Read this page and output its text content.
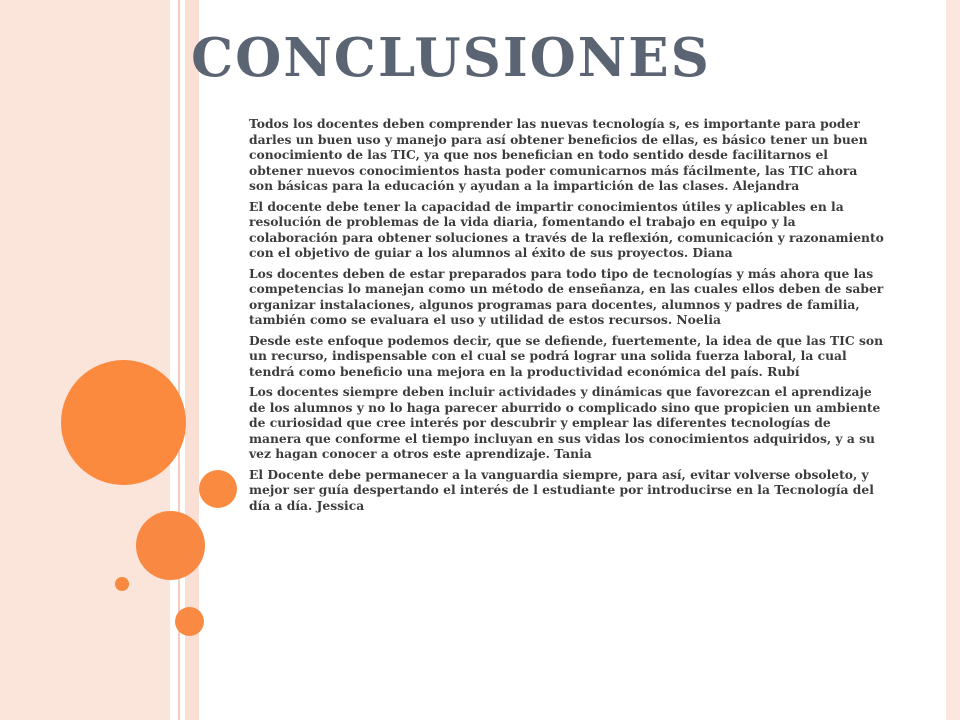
CONCLUSIONES

Todos los docentes deben comprender las nuevas tecnología s, es importante para poder darles un buen uso y manejo para así obtener beneficios de ellas, es básico tener un buen conocimiento de las TIC, ya que nos benefician en todo sentido desde facilitarnos el obtener nuevos conocimientos hasta poder comunicarnos más fácilmente, las TIC ahora son básicas para la educación y ayudan a la impartición de las clases. Alejandra

El docente debe tener la capacidad de impartir conocimientos útiles y aplicables en la resolución de problemas de la vida diaria, fomentando el trabajo en equipo y la colaboración para obtener soluciones a través de la reflexión, comunicación y razonamiento con el objetivo de guiar a los alumnos al éxito de sus proyectos. Diana

Los docentes deben de estar preparados para todo tipo de tecnologías y más ahora que las competencias lo manejan como un método de enseñanza, en las cuales ellos deben de saber organizar instalaciones, algunos programas para docentes, alumnos y padres de familia, también como se evaluara el uso y utilidad de estos recursos. Noelia

Desde este enfoque podemos decir, que se defiende, fuertemente, la idea de que las TIC son un recurso, indispensable con el cual se podrá lograr una solida fuerza laboral, la cual tendrá como beneficio una mejora en la productividad económica del país. Rubí

Los docentes siempre deben incluir actividades y dinámicas que favorezcan el aprendizaje de los alumnos y no lo haga parecer aburrido o complicado sino que propicien un ambiente de curiosidad que cree interés por descubrir y emplear las diferentes tecnologías de manera que conforme el tiempo incluyan en sus vidas los conocimientos adquiridos, y a su vez hagan conocer a otros este aprendizaje. Tania

El Docente debe permanecer a la vanguardia siempre, para así, evitar volverse obsoleto, y mejor ser guía despertando el interés de l estudiante por introducirse en la Tecnología del día a día. Jessica
